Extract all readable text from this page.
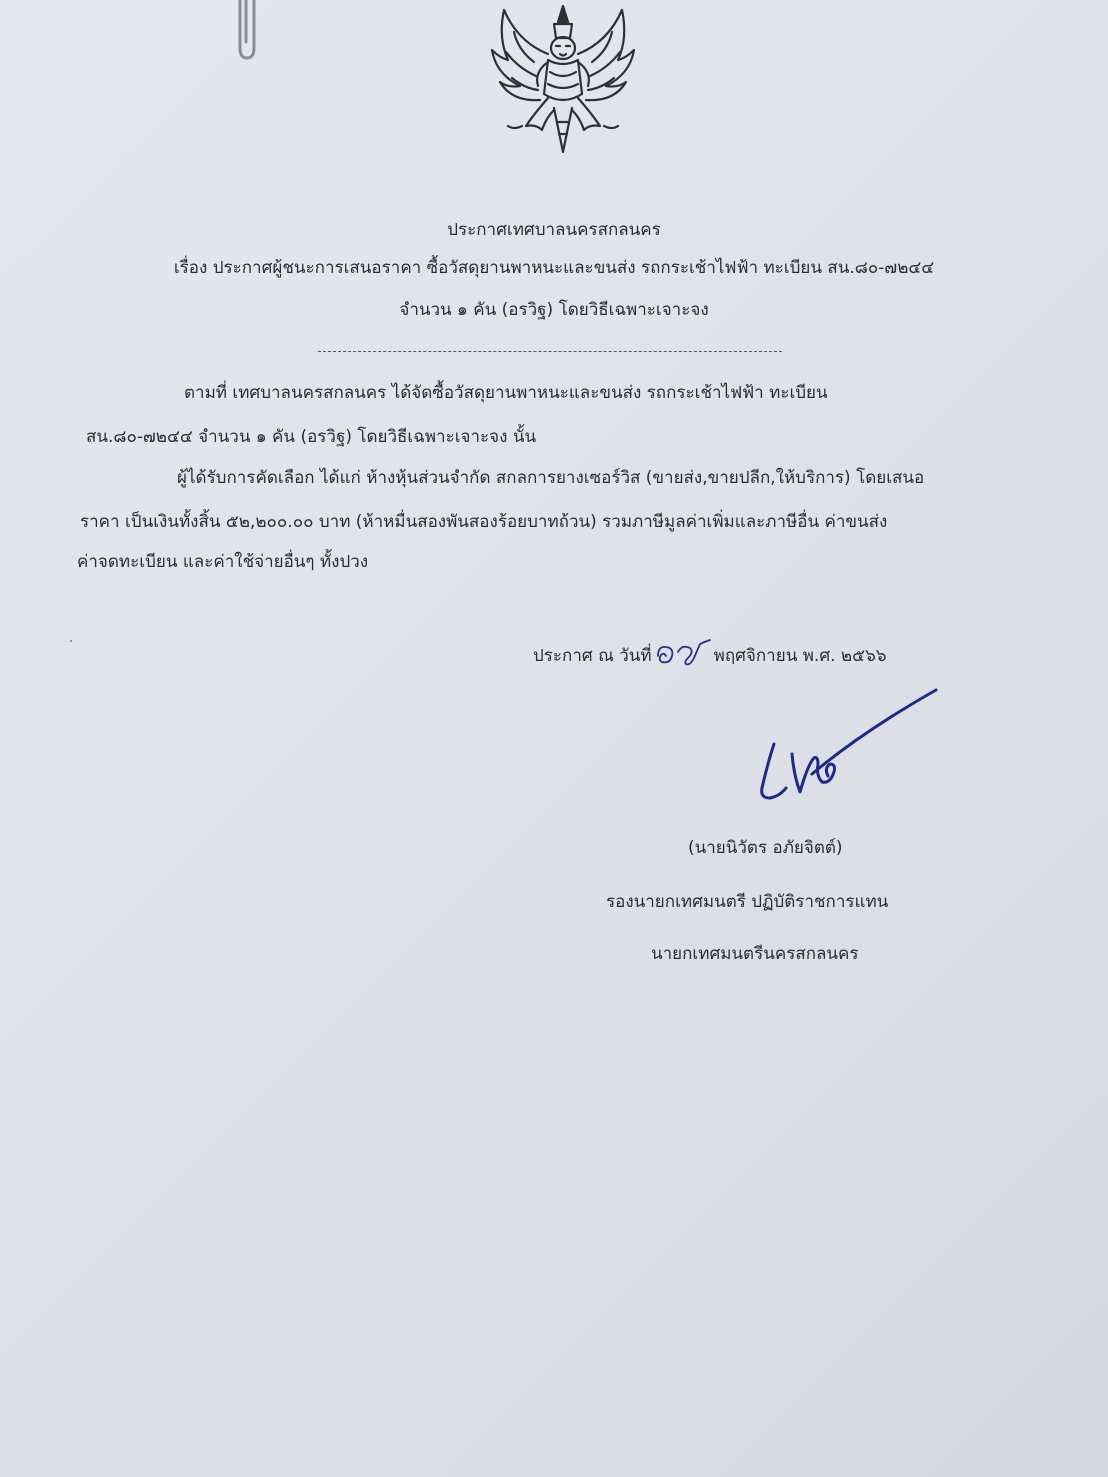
ประกาศเทศบาลนครสกลนคร
เรื่อง ประกาศผู้ชนะการเสนอราคา ซื้อวัสดุยานพาหนะและขนส่ง รถกระเช้าไฟฟ้า ทะเบียน สน.๘๐-๗๒๔๔
จำนวน ๑ คัน (อรวิฐ) โดยวิธีเฉพาะเจาะจง
ตามที่ เทศบาลนครสกลนคร ได้จัดซื้อวัสดุยานพาหนะและขนส่ง รถกระเช้าไฟฟ้า ทะเบียน
สน.๘๐-๗๒๔๔ จำนวน ๑ คัน (อรวิฐ) โดยวิธีเฉพาะเจาะจง นั้น
ผู้ได้รับการคัดเลือก ได้แก่ ห้างหุ้นส่วนจำกัด สกลการยางเซอร์วิส (ขายส่ง,ขายปลีก,ให้บริการ) โดยเสนอ
ราคา เป็นเงินทั้งสิ้น ๕๒,๒๐๐.๐๐ บาท (ห้าหมื่นสองพันสองร้อยบาทถ้วน) รวมภาษีมูลค่าเพิ่มและภาษีอื่น ค่าขนส่ง
ค่าจดทะเบียน และค่าใช้จ่ายอื่นๆ ทั้งปวง
ประกาศ ณ วันที่	พฤศจิกายน พ.ศ. ๒๕๖๖
(นายนิวัตร อภัยจิตต์)
รองนายกเทศมนตรี ปฏิบัติราชการแทน
นายกเทศมนตรีนครสกลนคร
